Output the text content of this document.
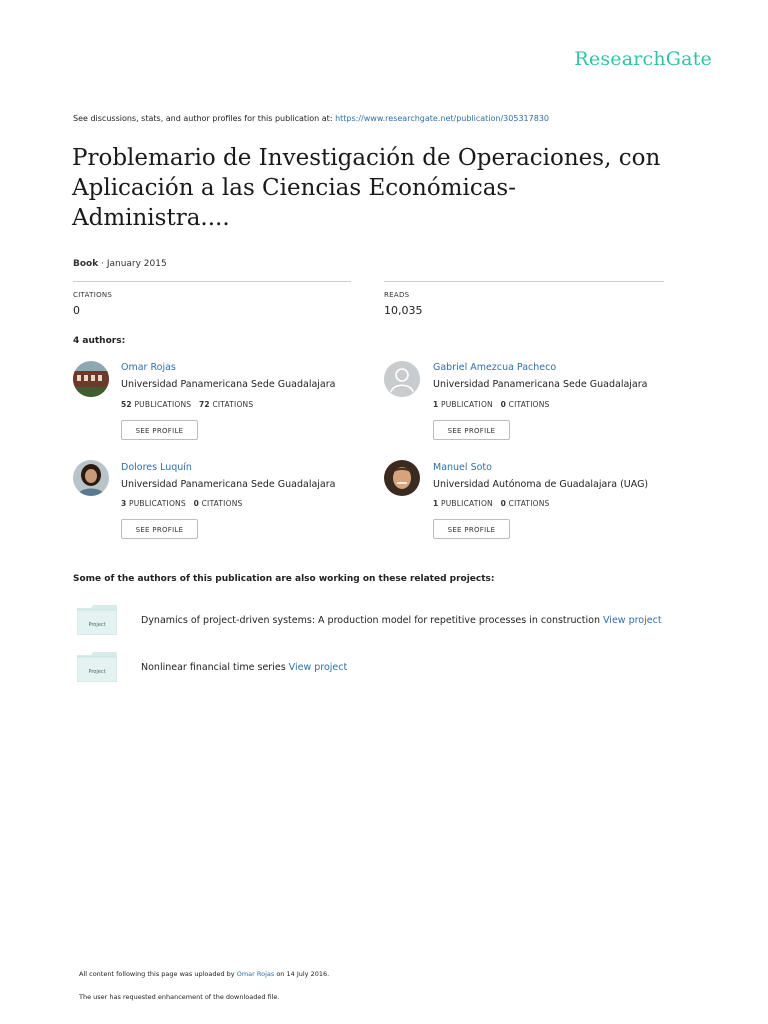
ResearchGate
See discussions, stats, and author profiles for this publication at: https://www.researchgate.net/publication/305317830
Problemario de Investigación de Operaciones, con
Aplicación a las Ciencias Económicas-
Administra....
Book · January 2015
CITATIONS
0
READS
10,035
4 authors:
Omar Rojas
Universidad Panamericana Sede Guadalajara
52 PUBLICATIONS 72 CITATIONS
SEE PROFILE
Gabriel Amezcua Pacheco
Universidad Panamericana Sede Guadalajara
1 PUBLICATION 0 CITATIONS
SEE PROFILE
Dolores Luquín
Universidad Panamericana Sede Guadalajara
3 PUBLICATIONS 0 CITATIONS
SEE PROFILE
Manuel Soto
Universidad Autónoma de Guadalajara (UAG)
1 PUBLICATION 0 CITATIONS
SEE PROFILE
Some of the authors of this publication are also working on these related projects:
Project	Dynamics of project-driven systems: A production model for repetitive processes in construction View project
Project	Nonlinear financial time series View project
All content following this page was uploaded by Omar Rojas on 14 July 2016.
The user has requested enhancement of the downloaded file.
